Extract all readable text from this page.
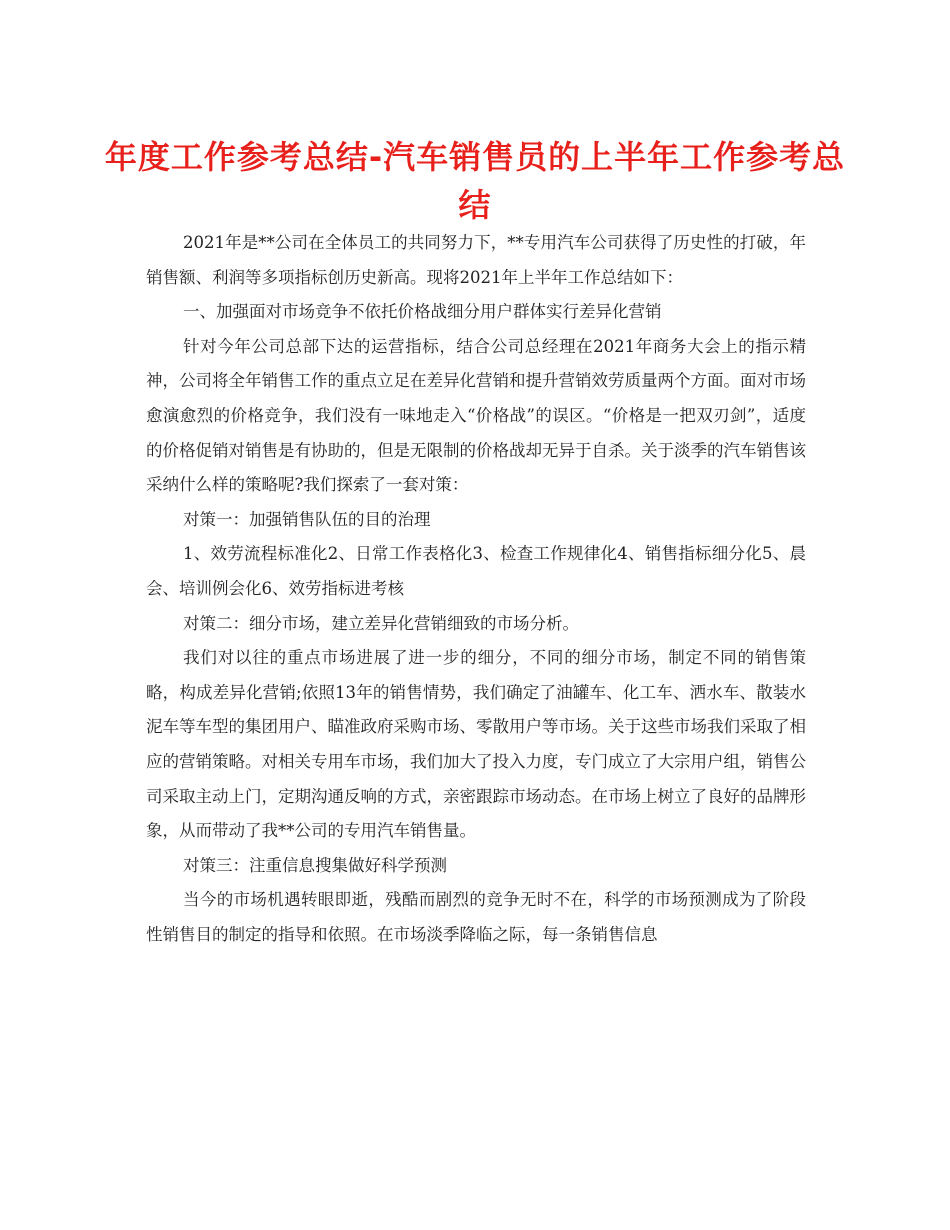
年度工作参考总结-汽车销售员的上半年工作参考总结

2021年是**公司在全体员工的共同努力下，**专用汽车公司获得了历史性的打破，年销售额、利润等多项指标创历史新高。现将2021年上半年工作总结如下：

一、加强面对市场竞争不依托价格战细分用户群体实行差异化营销

针对今年公司总部下达的运营指标，结合公司总经理在2021年商务大会上的指示精神，公司将全年销售工作的重点立足在差异化营销和提升营销效劳质量两个方面。面对市场愈演愈烈的价格竞争，我们没有一味地走入“价格战”的误区。“价格是一把双刃剑”，适度的价格促销对销售是有协助的，但是无限制的价格战却无异于自杀。关于淡季的汽车销售该采纳什么样的策略呢?我们探索了一套对策：

对策一：加强销售队伍的目的治理

1、效劳流程标准化2、日常工作表格化3、检查工作规律化4、销售指标细分化5、晨会、培训例会化6、效劳指标进考核

对策二：细分市场，建立差异化营销细致的市场分析。

我们对以往的重点市场进展了进一步的细分，不同的细分市场，制定不同的销售策略，构成差异化营销;依照13年的销售情势，我们确定了油罐车、化工车、洒水车、散装水泥车等车型的集团用户、瞄准政府采购市场、零散用户等市场。关于这些市场我们采取了相应的营销策略。对相关专用车市场，我们加大了投入力度，专门成立了大宗用户组，销售公司采取主动上门，定期沟通反响的方式，亲密跟踪市场动态。在市场上树立了良好的品牌形象，从而带动了我**公司的专用汽车销售量。

对策三：注重信息搜集做好科学预测

当今的市场机遇转眼即逝，残酷而剧烈的竞争无时不在，科学的市场预测成为了阶段性销售目的制定的指导和依照。在市场淡季降临之际，每一条销售信息
